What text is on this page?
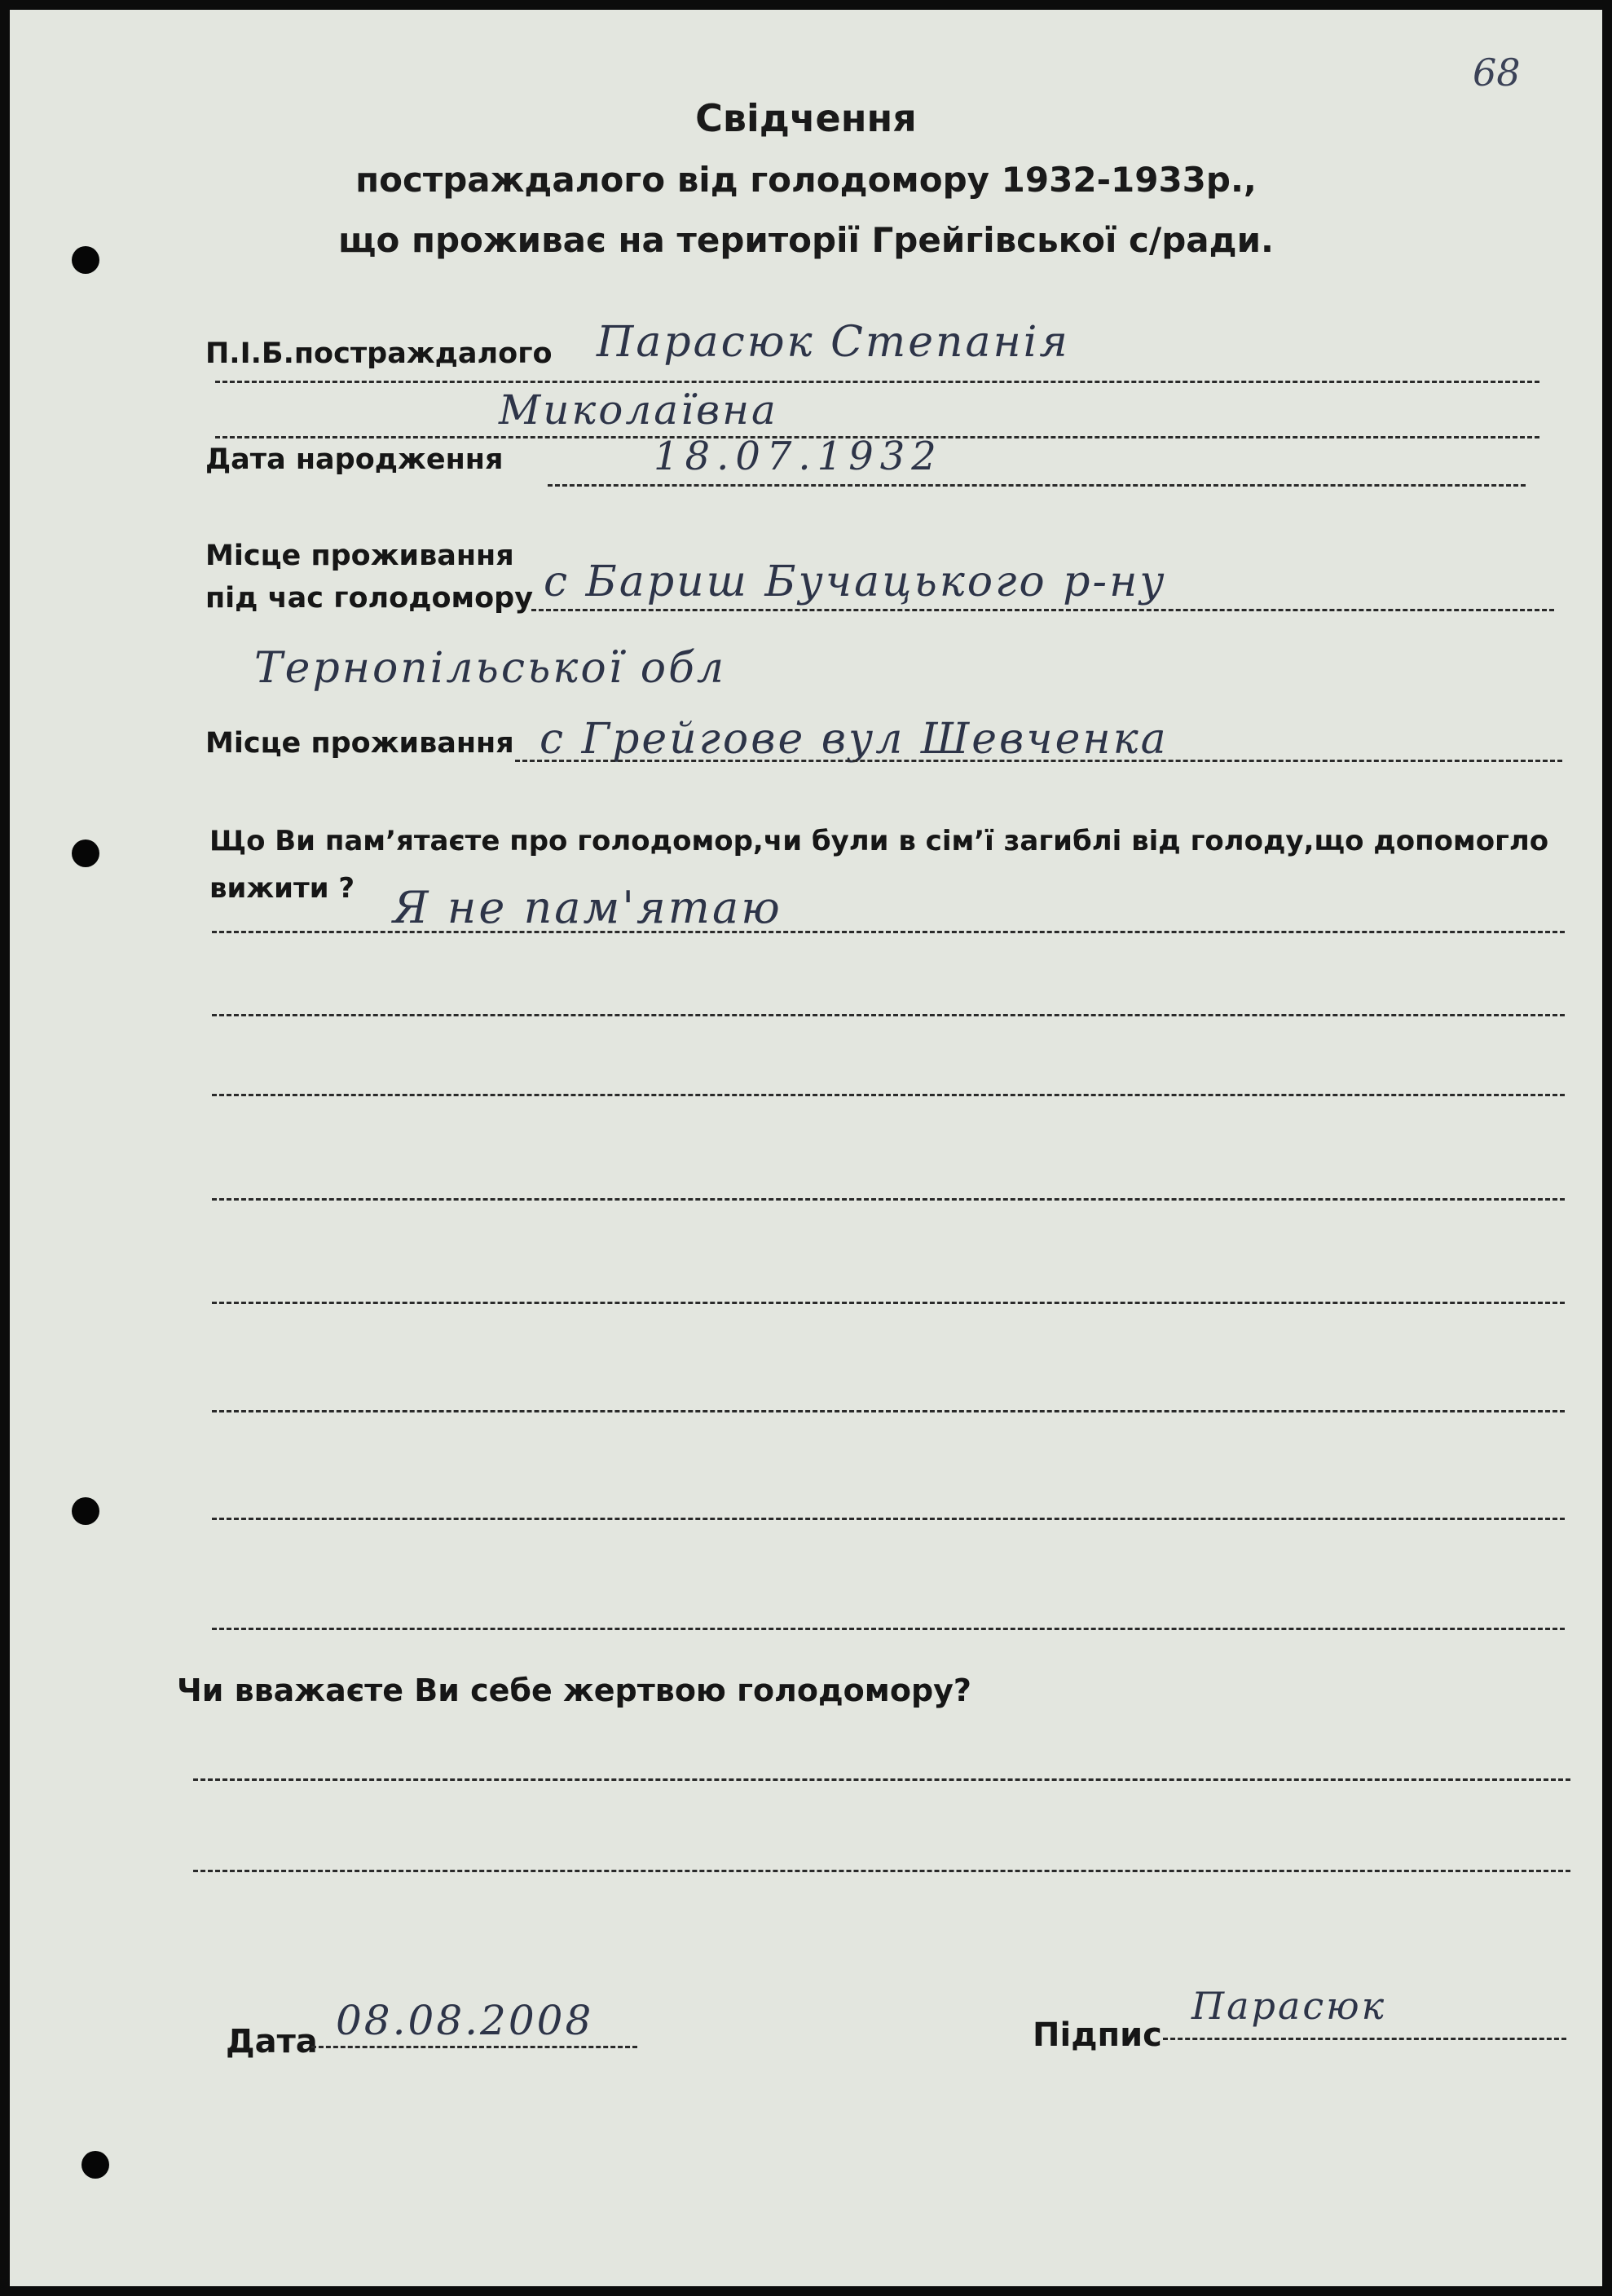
68
Свідчення
постраждалого від голодомору 1932-1933р.,
що проживає на території Грейгівської с/ради.
П.І.Б.постраждалого Парасюк Степанія
Миколаївна
Дата народження	18.07.1932
Місце проживання
під час голодомору с Бариш Бучацького р-ну
Тернопільської обл
Місце проживання с Грейгове вул Шевченка
Що Ви пам’ятаєте про голодомор,чи були в сім’ї загиблі від голоду,що допомогло
вижити ? Я не пам'ятаю
Чи вважаєте Ви себе жертвою голодомору?
Дата 08.08.2008	Підпис
Парасюк
